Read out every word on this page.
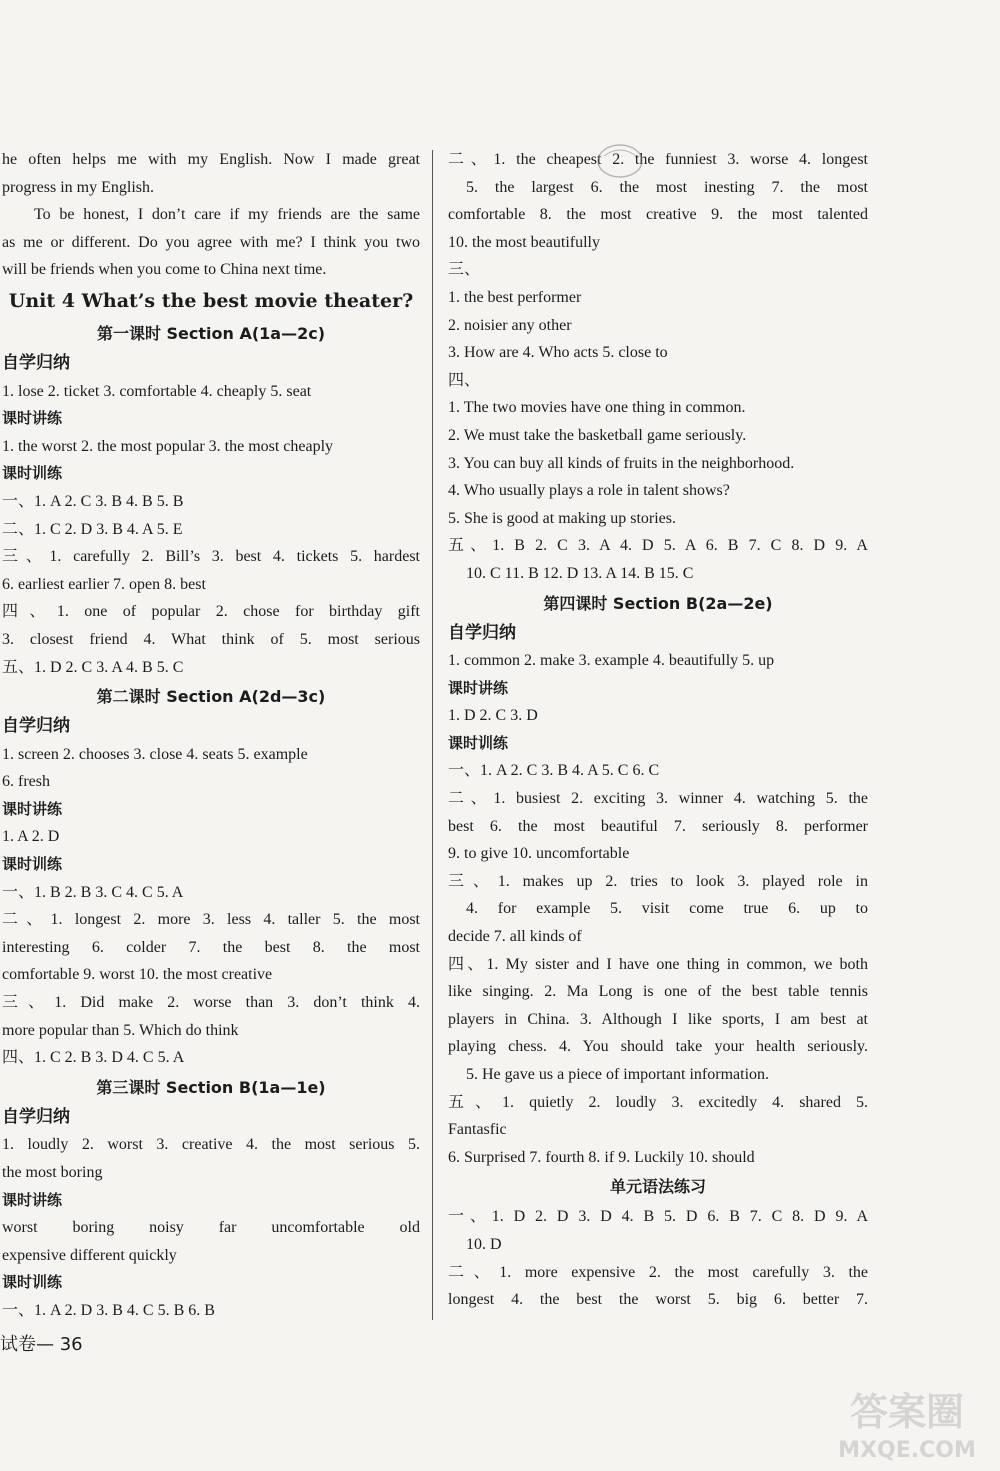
he often helps me with my English. Now I made great
progress in my English.
To be honest, I don’t care if my friends are the same
as me or different. Do you agree with me? I think you two
will be friends when you come to China next time.
Unit 4 What’s the best movie theater?
第一课时 Section A(1a—2c)
自学归纳
1. lose 2. ticket 3. comfortable 4. cheaply 5. seat
课时讲练
1. the worst 2. the most popular 3. the most cheaply
课时训练
一、1. A 2. C 3. B 4. B 5. B
二、1. C 2. D 3. B 4. A 5. E
三、1. carefully 2. Bill’s 3. best 4. tickets 5. hardest
6. earliest earlier 7. open 8. best
四、1. one of popular 2. chose for birthday gift
3. closest friend 4. What think of 5. most serious
五、1. D 2. C 3. A 4. B 5. C
第二课时 Section A(2d—3c)
自学归纳
1. screen 2. chooses 3. close 4. seats 5. example
6. fresh
课时讲练
1. A 2. D
课时训练
一、1. B 2. B 3. C 4. C 5. A
二、1. longest 2. more 3. less 4. taller 5. the most
interesting 6. colder 7. the best 8. the most
comfortable 9. worst 10. the most creative
三、1. Did make 2. worse than 3. don’t think 4.
more popular than 5. Which do think
四、1. C 2. B 3. D 4. C 5. A
第三课时 Section B(1a—1e)
自学归纳
1. loudly 2. worst 3. creative 4. the most serious 5.
the most boring
课时讲练
worst boring noisy far uncomfortable old
expensive different quickly
课时训练
一、1. A 2. D 3. B 4. C 5. B 6. B
二、1. the cheapest 2. the funniest 3. worse 4. longest
5. the largest 6. the most inesting 7. the most
comfortable 8. the most creative 9. the most talented
10. the most beautifully
三、
1. the best performer
2. noisier any other
3. How are 4. Who acts 5. close to
四、
1. The two movies have one thing in common.
2. We must take the basketball game seriously.
3. You can buy all kinds of fruits in the neighborhood.
4. Who usually plays a role in talent shows?
5. She is good at making up stories.
五、1. B 2. C 3. A 4. D 5. A 6. B 7. C 8. D 9. A
10. C 11. B 12. D 13. A 14. B 15. C
第四课时 Section B(2a—2e)
自学归纳
1. common 2. make 3. example 4. beautifully 5. up
课时讲练
1. D 2. C 3. D
课时训练
一、1. A 2. C 3. B 4. A 5. C 6. C
二、1. busiest 2. exciting 3. winner 4. watching 5. the
best 6. the most beautiful 7. seriously 8. performer
9. to give 10. uncomfortable
三、1. makes up 2. tries to look 3. played role in
4. for example 5. visit come true 6. up to
decide 7. all kinds of
四、1. My sister and I have one thing in common, we both
like singing. 2. Ma Long is one of the best table tennis
players in China. 3. Although I like sports, I am best at
playing chess. 4. You should take your health seriously.
5. He gave us a piece of important information.
五、1. quietly 2. loudly 3. excitedly 4. shared 5.
Fantasfic
6. Surprised 7. fourth 8. if 9. Luckily 10. should
单元语法练习
一、1. D 2. D 3. D 4. B 5. D 6. B 7. C 8. D 9. A
10. D
二、1. more expensive 2. the most carefully 3. the
longest 4. the best the worst 5. big 6. better 7.
试卷— 36
答案圈
MXQE.COM
